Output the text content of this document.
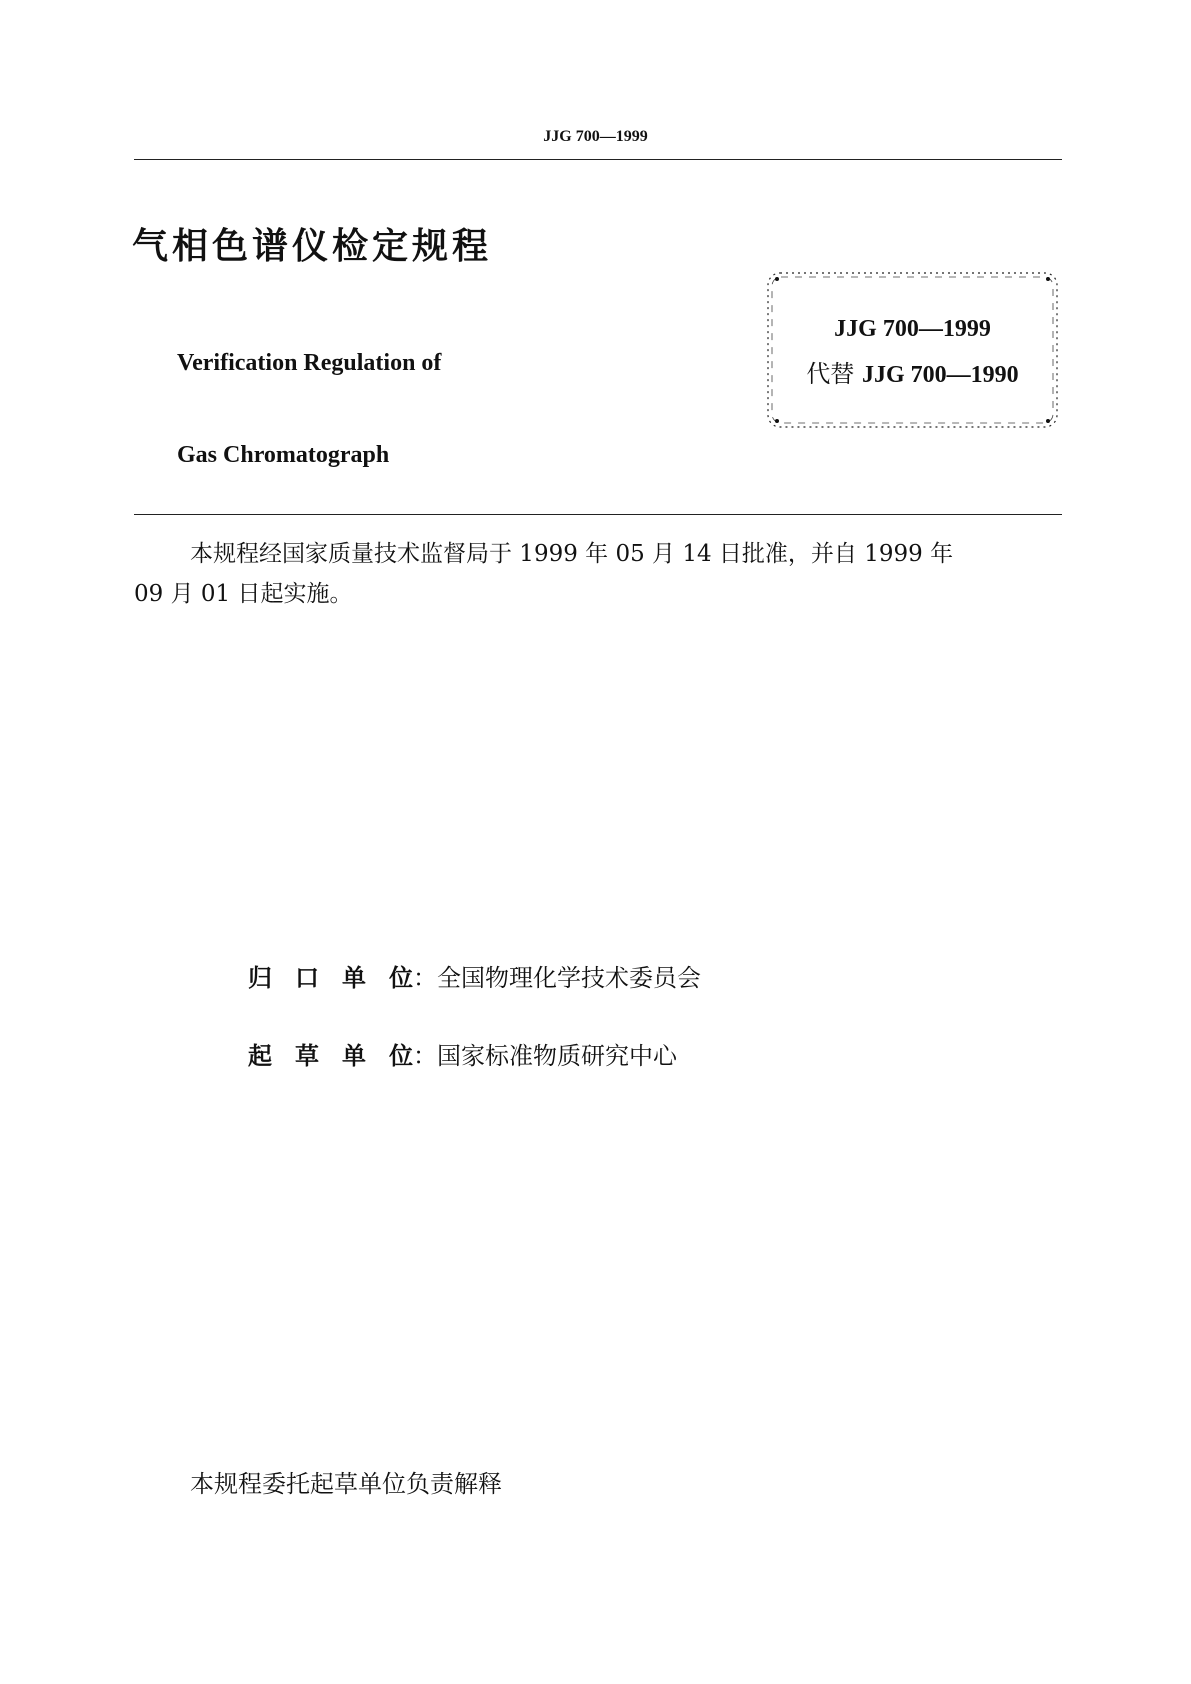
JJG 700—1999
气相色谱仪检定规程
Verification Regulation of
Gas Chromatograph
JJG 700—1999
代替 JJG 700—1990
本规程经国家质量技术监督局于 1999 年 05 月 14 日批准，并自 1999 年
09 月 01 日起实施。
归 口 单 位：全国物理化学技术委员会
起 草 单 位：国家标准物质研究中心
本规程委托起草单位负责解释
